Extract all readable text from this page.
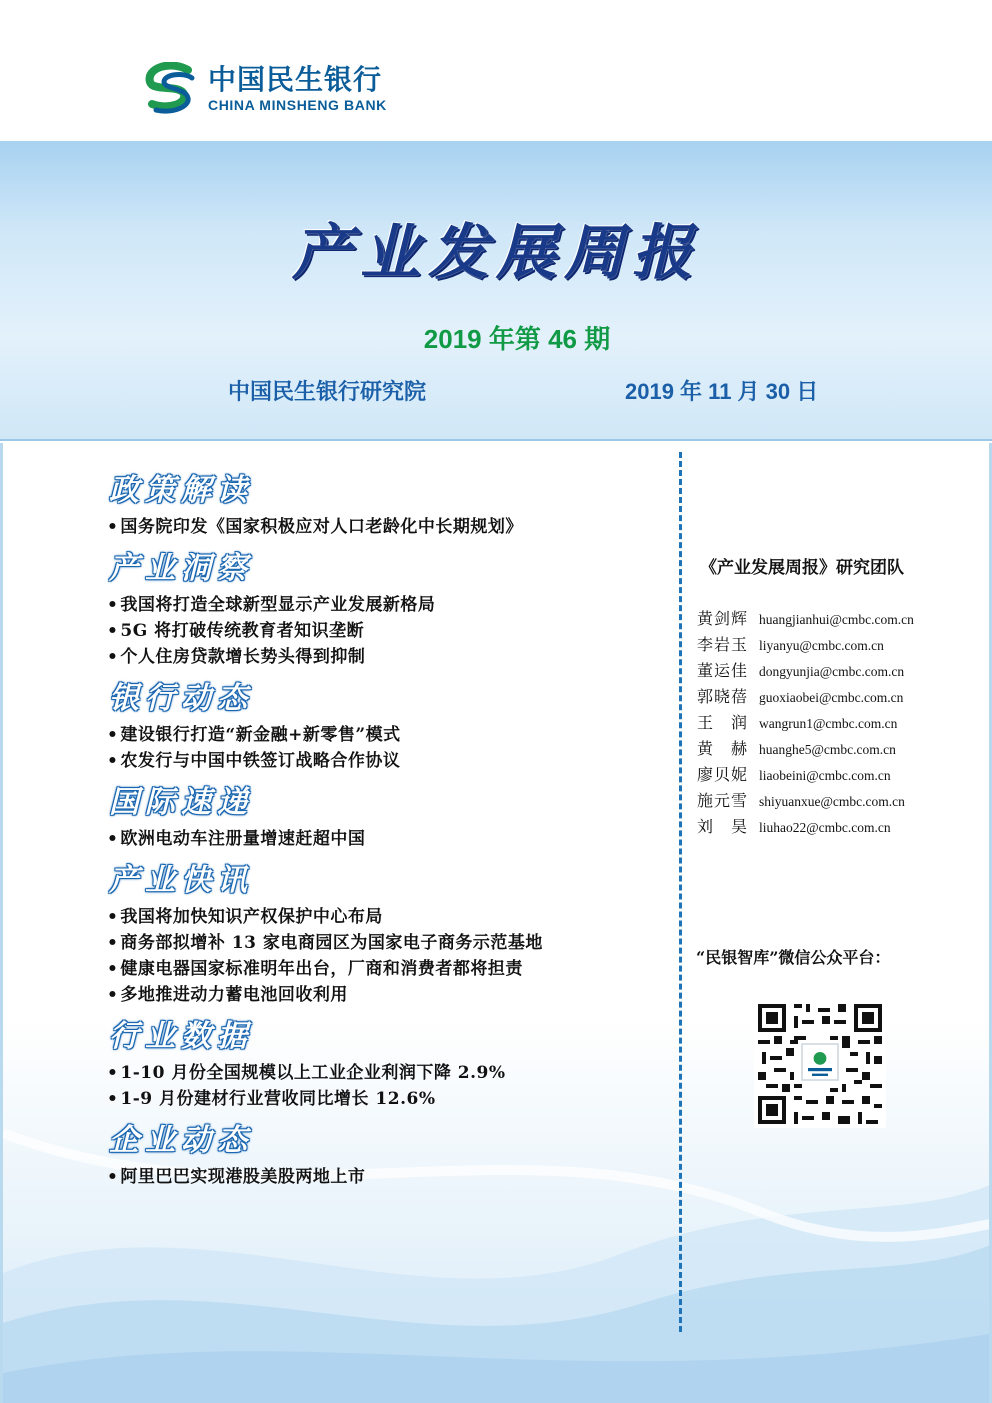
中国民生银行
CHINA MINSHENG BANK
产业发展周报
2019 年第 46 期
中国民生银行研究院	2019 年 11 月 30 日
政策解读
• 国务院印发《国家积极应对人口老龄化中长期规划》
产业洞察
• 我国将打造全球新型显示产业发展新格局
• 5G 将打破传统教育者知识垄断
• 个人住房贷款增长势头得到抑制
银行动态
• 建设银行打造“新金融+新零售”模式
• 农发行与中国中铁签订战略合作协议
国际速递
• 欧洲电动车注册量增速赶超中国
产业快讯
• 我国将加快知识产权保护中心布局
• 商务部拟增补 13 家电商园区为国家电子商务示范基地
• 健康电器国家标准明年出台，厂商和消费者都将担责
• 多地推进动力蓄电池回收利用
行业数据
• 1-10 月份全国规模以上工业企业利润下降 2.9%
• 1-9 月份建材行业营收同比增长 12.6%
企业动态
• 阿里巴巴实现港股美股两地上市
《产业发展周报》研究团队
黄剑辉 huangjianhui@cmbc.com.cn
李岩玉 liyanyu@cmbc.com.cn
董运佳 dongyunjia@cmbc.com.cn
郭晓蓓 guoxiaobei@cmbc.com.cn
王　润 wangrun1@cmbc.com.cn
黄　赫 huanghe5@cmbc.com.cn
廖贝妮 liaobeini@cmbc.com.cn
施元雪 shiyuanxue@cmbc.com.cn
刘　昊 liuhao22@cmbc.com.cn
“民银智库”微信公众平台：
